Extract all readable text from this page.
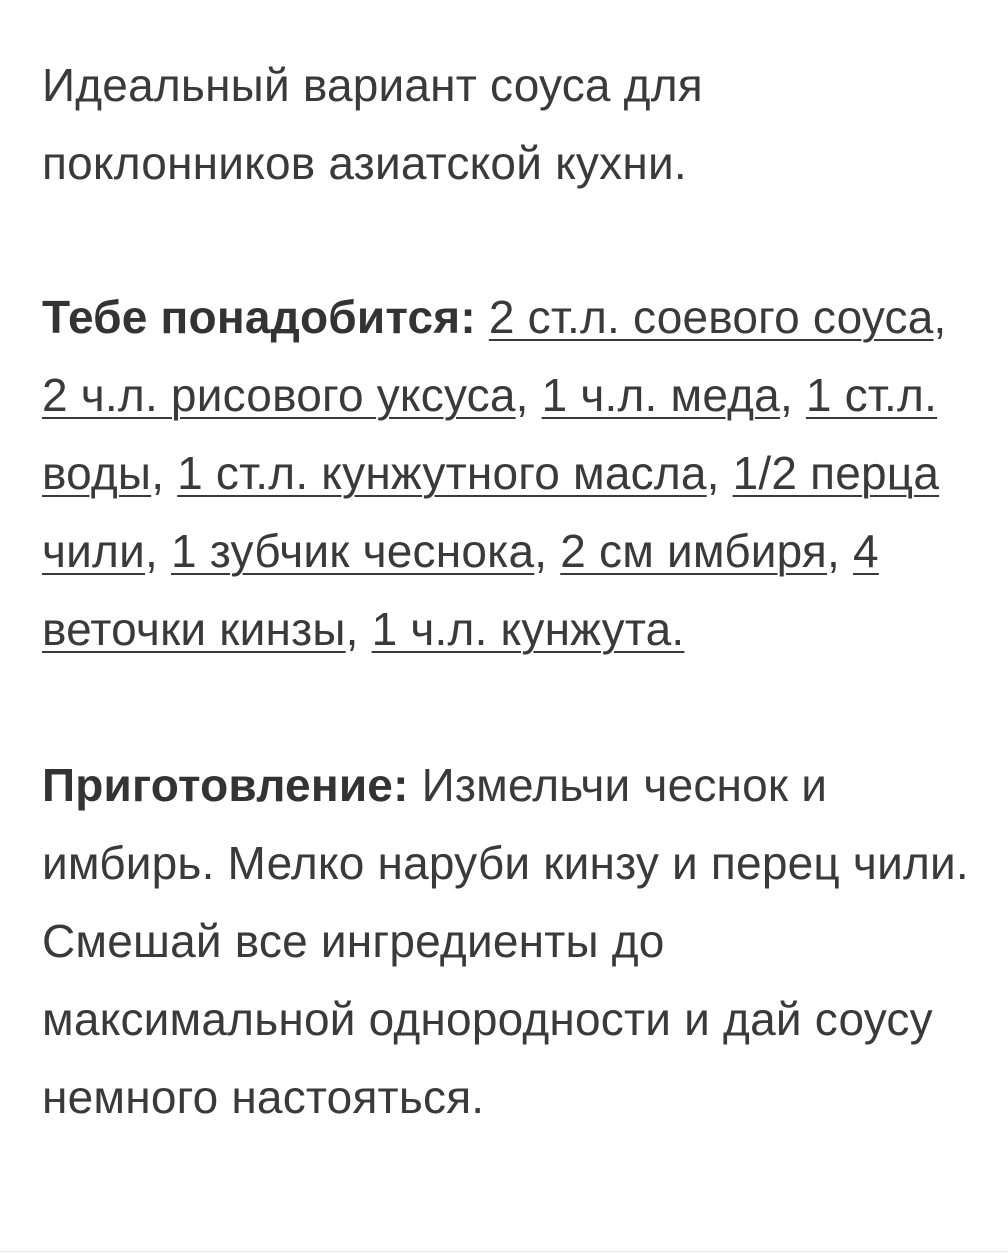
Идеальный вариант соуса для поклонников азиатской кухни.

Тебе понадобится: 2 ст.л. соевого соуса, 2 ч.л. рисового уксуса, 1 ч.л. меда, 1 ст.л. воды, 1 ст.л. кунжутного масла, 1/2 перца чили, 1 зубчик чеснока, 2 см имбиря, 4 веточки кинзы, 1 ч.л. кунжута.

Приготовление: Измельчи чеснок и имбирь. Мелко наруби кинзу и перец чили. Смешай все ингредиенты до максимальной однородности и дай соусу немного настояться.
